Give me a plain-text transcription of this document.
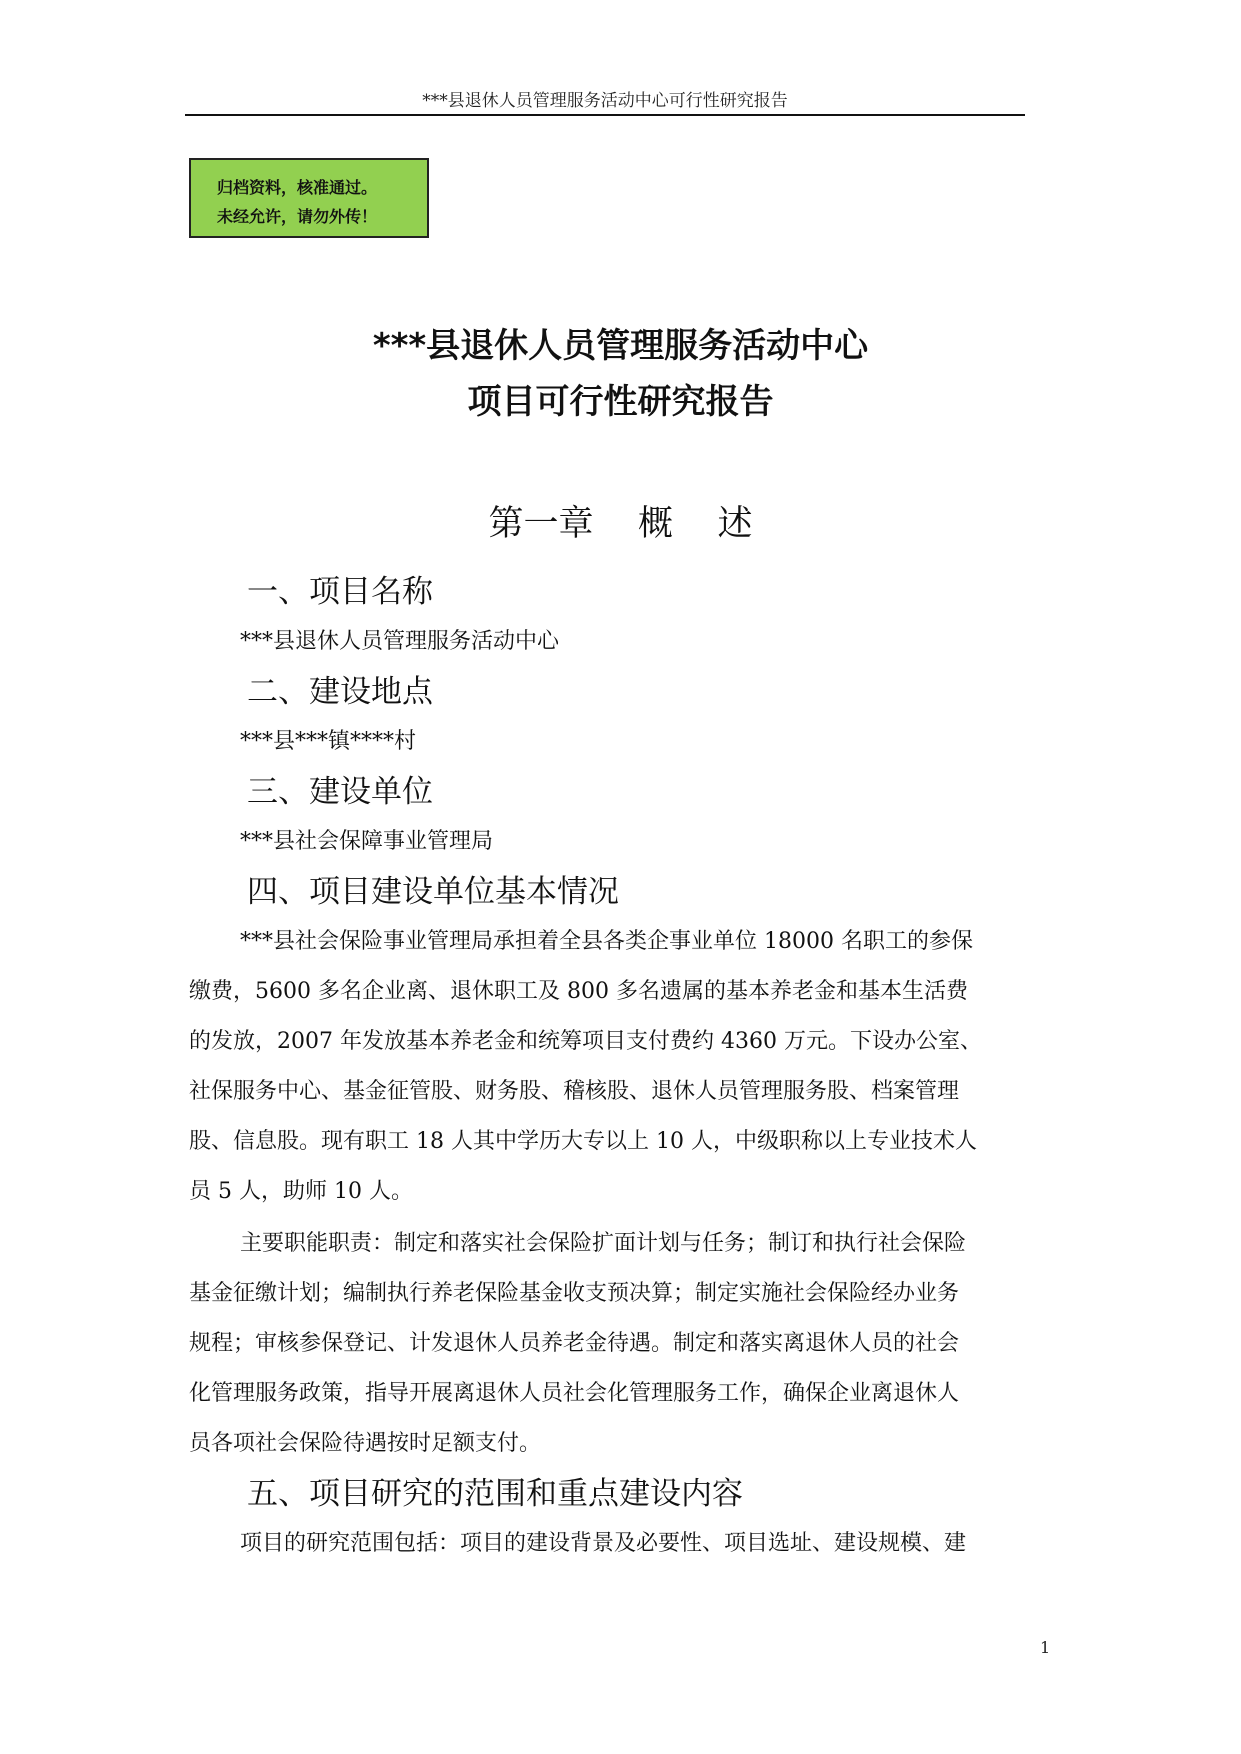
***县退休人员管理服务活动中心可行性研究报告
归档资料，核准通过。
未经允许，请勿外传！
***县退休人员管理服务活动中心
项目可行性研究报告
第一章    概    述
一、项目名称
***县退休人员管理服务活动中心
二、建设地点
***县***镇****村
三、建设单位
***县社会保障事业管理局
四、项目建设单位基本情况
***县社会保险事业管理局承担着全县各类企事业单位 18000 名职工的参保
缴费，5600 多名企业离、退休职工及 800 多名遗属的基本养老金和基本生活费
的发放，2007 年发放基本养老金和统筹项目支付费约 4360 万元。下设办公室、
社保服务中心、基金征管股、财务股、稽核股、退休人员管理服务股、档案管理
股、信息股。现有职工 18 人其中学历大专以上 10 人，中级职称以上专业技术人
员 5 人，助师 10 人。
主要职能职责：制定和落实社会保险扩面计划与任务；制订和执行社会保险
基金征缴计划；编制执行养老保险基金收支预决算；制定实施社会保险经办业务
规程；审核参保登记、计发退休人员养老金待遇。制定和落实离退休人员的社会
化管理服务政策，指导开展离退休人员社会化管理服务工作，确保企业离退休人
员各项社会保险待遇按时足额支付。
五、项目研究的范围和重点建设内容
项目的研究范围包括：项目的建设背景及必要性、项目选址、建设规模、建
1
